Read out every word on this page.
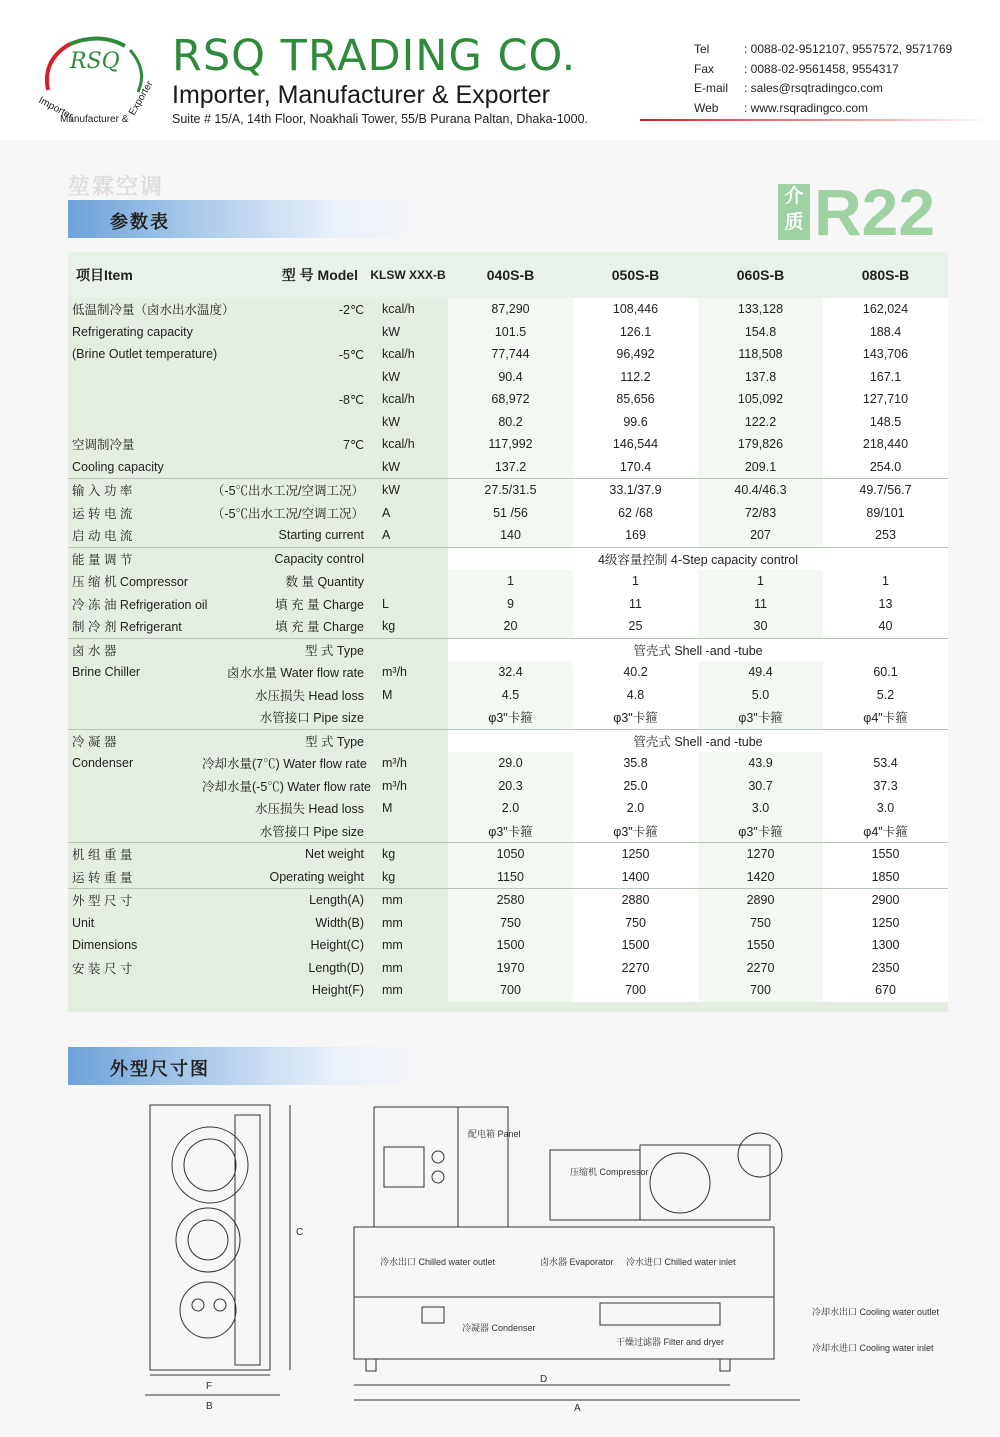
RSQ
Importer,
Manufacturer &
Exporter
RSQ TRADING CO.
Importer, Manufacturer & Exporter
Suite # 15/A, 14th Floor, Noakhali Tower, 55/B Purana Paltan, Dhaka-1000.
Tel	: 0088-02-9512107, 9557572, 9571769
Fax	: 0088-02-9561458, 9554317
E-mail	: sales@rsqtradingco.com
Web	: www.rsqradingco.com
堃霖空调
参数表
介
质 R22
项目Item	型 号 Model	KLSW XXX-B	040S-B	050S-B	060S-B	080S-B
低温制冷量（卤水出水温度）	-2℃	kcal/h	87,290	108,446	133,128	162,024
Refrigerating capacity		kW	101.5	126.1	154.8	188.4
(Brine Outlet temperature)	-5℃	kcal/h	77,744	96,492	118,508	143,706
		kW	90.4	112.2	137.8	167.1
	-8℃	kcal/h	68,972	85,656	105,092	127,710
		kW	80.2	99.6	122.2	148.5
空调制冷量	7℃	kcal/h	117,992	146,544	179,826	218,440
Cooling capacity		kW	137.2	170.4	209.1	254.0
输 入 功 率	（-5℃出水工况/空调工况）	kW	27.5/31.5	33.1/37.9	40.4/46.3	49.7/56.7
运 转 电 流	（-5℃出水工况/空调工况）	A	51 /56	62 /68	72/83	89/101
启 动 电 流	Starting current	A	140	169	207	253
能 量 调 节	Capacity control		4级容量控制 4-Step capacity control			
压 缩 机 Compressor	数 量 Quantity		1	1	1	1
冷 冻 油 Refrigeration oil	填 充 量 Charge	L	9	11	11	13
制 冷 剂 Refrigerant	填 充 量 Charge	kg	20	25	30	40
卤 水 器	型 式 Type		管壳式 Shell -and -tube			
Brine Chiller	卤水水量 Water flow rate	m³/h	32.4	40.2	49.4	60.1
	水压损失 Head loss	M	4.5	4.8	5.0	5.2
	水管接口 Pipe size		φ3"卡箍	φ3"卡箍	φ3"卡箍	φ4"卡箍
冷 凝 器	型 式 Type		管壳式 Shell -and -tube			
Condenser	冷却水量(7℃) Water flow rate	m³/h	29.0	35.8	43.9	53.4
	冷却水量(-5℃) Water flow rate	m³/h	20.3	25.0	30.7	37.3
	水压损失 Head loss	M	2.0	2.0	3.0	3.0
	水管接口 Pipe size		φ3"卡箍	φ3"卡箍	φ3"卡箍	φ4"卡箍
机 组 重 量	Net weight	kg	1050	1250	1270	1550
运 转 重 量	Operating weight	kg	1150	1400	1420	1850
外 型 尺 寸	Length(A)	mm	2580	2880	2890	2900
Unit	Width(B)	mm	750	750	750	1250
Dimensions	Height(C)	mm	1500	1500	1550	1300
安 装 尺 寸	Length(D)	mm	1970	2270	2270	2350
	Height(F)	mm	700	700	700	670
外型尺寸图
C
F
B
配电箱 Panel
压缩机 Compressor
冷水出口 Chilled water outlet	卤水器 Evaporator 冷水进口 Chilled water inlet
冷凝器 Condenser
干燥过滤器 Filter and dryer
D
A
冷却水出口 Cooling water outlet
冷却水进口 Cooling water inlet
